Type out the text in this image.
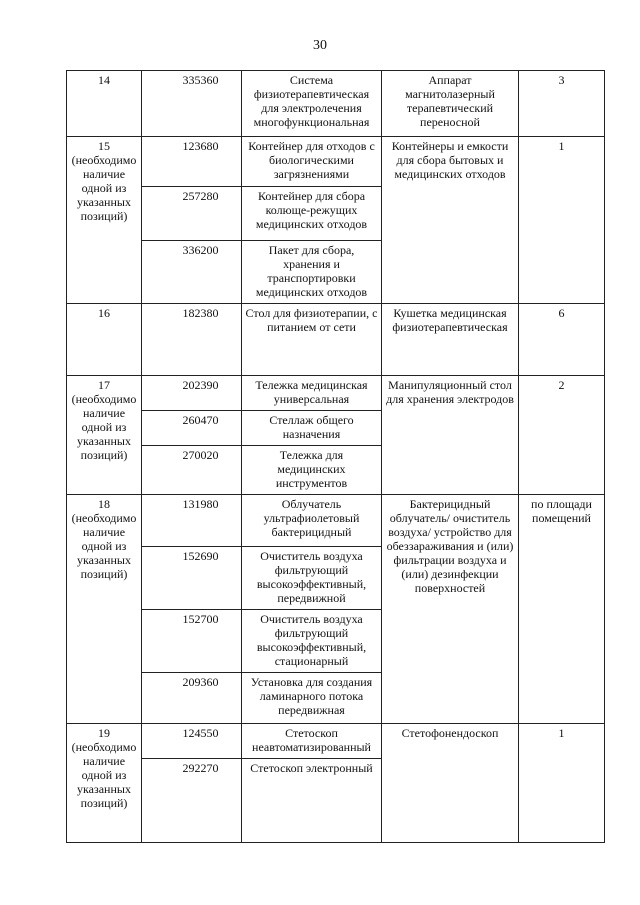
30
14	335360	Система физиотерапевтическая для электролечения многофункциональная	Аппарат магнитолазерный терапевтический переносной	3
15 (необходимо наличие одной из указанных позиций)	123680	Контейнер для отходов с биологическими загрязнениями	Контейнеры и емкости для сбора бытовых и медицинских отходов	1
	257280	Контейнер для сбора колюще-режущих медицинских отходов		
	336200	Пакет для сбора, хранения и транспортировки медицинских отходов		
16	182380	Стол для физиотерапии, с питанием от сети	Кушетка медицинская физиотерапевтическая	6
17 (необходимо наличие одной из указанных позиций)	202390	Тележка медицинская универсальная	Манипуляционный стол для хранения электродов	2
	260470	Стеллаж общего назначения		
	270020	Тележка для медицинских инструментов		
18 (необходимо наличие одной из указанных позиций)	131980	Облучатель ультрафиолетовый бактерицидный	Бактерицидный облучатель/ очиститель воздуха/ устройство для обеззараживания и (или) фильтрации воздуха и (или) дезинфекции поверхностей	по площади помещений
	152690	Очиститель воздуха фильтрующий высокоэффективный, передвижной		
	152700	Очиститель воздуха фильтрующий высокоэффективный, стационарный		
	209360	Установка для создания ламинарного потока передвижная		
19 (необходимо наличие одной из указанных позиций)	124550	Стетоскоп неавтоматизированный	Стетофонендоскоп	1
	292270	Стетоскоп электронный		
